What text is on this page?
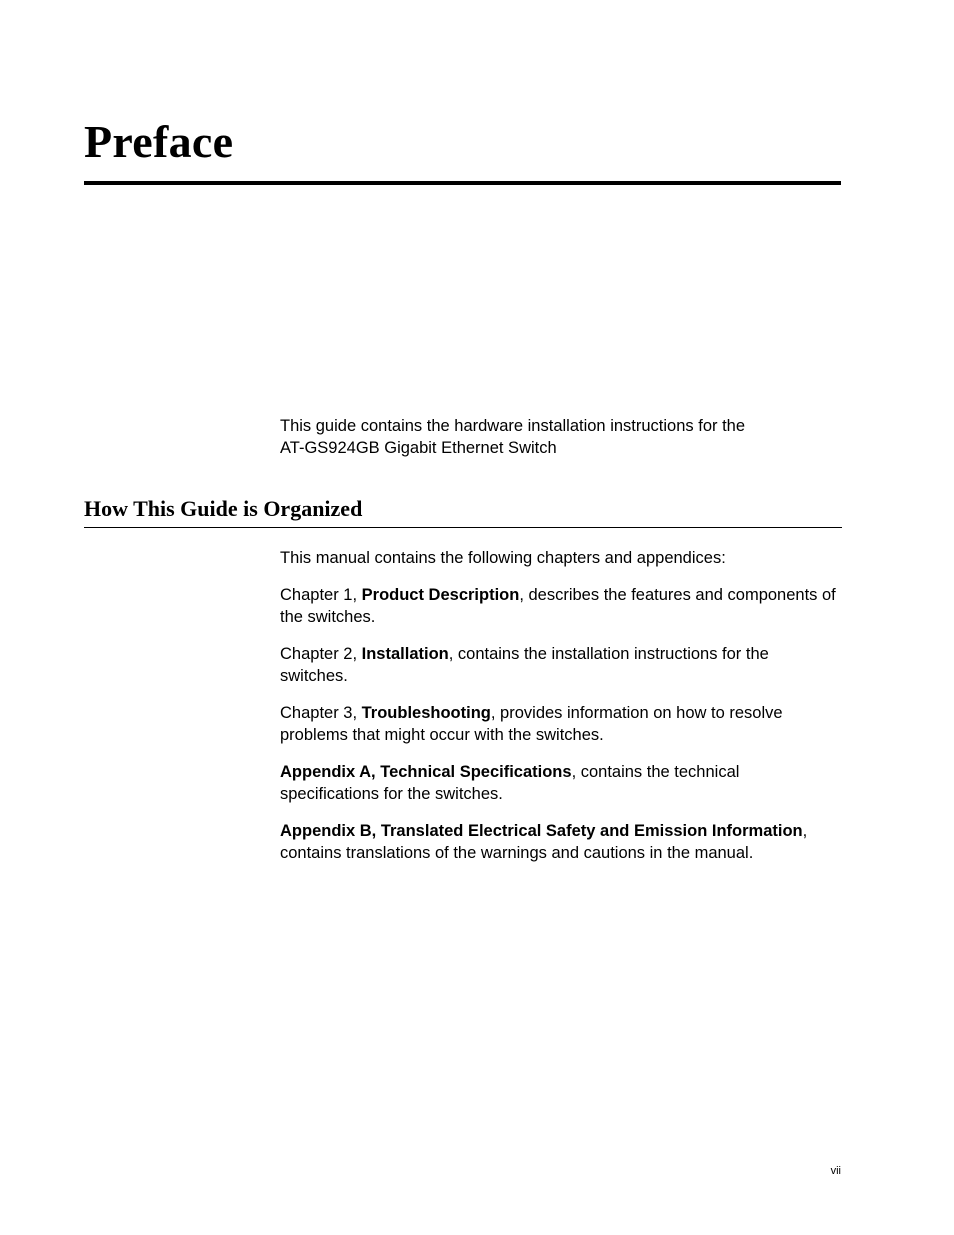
Preface

This guide contains the hardware installation instructions for the
AT-GS924GB Gigabit Ethernet Switch

How This Guide is Organized

This manual contains the following chapters and appendices:

Chapter 1, Product Description, describes the features and components of the switches.

Chapter 2, Installation, contains the installation instructions for the switches.

Chapter 3, Troubleshooting, provides information on how to resolve problems that might occur with the switches.

Appendix A, Technical Specifications, contains the technical specifications for the switches.

Appendix B, Translated Electrical Safety and Emission Information, contains translations of the warnings and cautions in the manual.

vii
